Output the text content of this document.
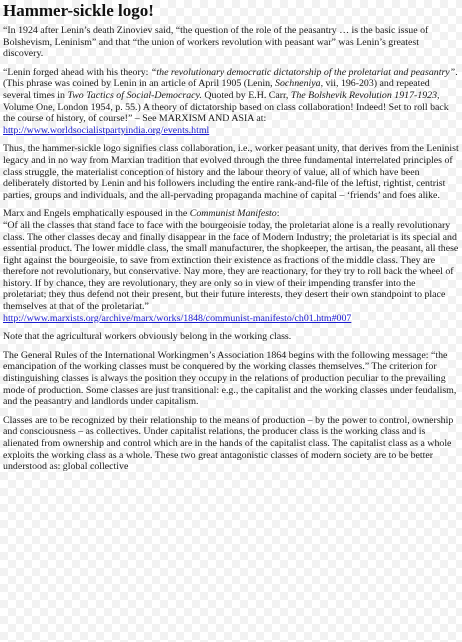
Hammer-sickle logo!

“In 1924 after Lenin’s death Zinoviev said, “the question of the role of the peasantry … is the basic issue of Bolshevism, Leninism” and that “the union of workers revolution with peasant war” was Lenin’s greatest discovery.

“Lenin forged ahead with his theory: “the revolutionary democratic dictatorship of the proletariat and peasantry”. (This phrase was coined by Lenin in an article of April 1905 (Lenin, Sochneniya, vii, 196-203) and repeated several times in Two Tactics of Social-Democracy. Quoted by E.H. Carr, The Bolshevik Revolution 1917-1923, Volume One, London 1954, p. 55.) A theory of dictatorship based on class collaboration! Indeed! Set to roll back the course of history, of course!” – See MARXISM AND ASIA at:
http://www.worldsocialistpartyindia.org/events.html

Thus, the hammer-sickle logo signifies class collaboration, i.e., worker peasant unity, that derives from the Leninist legacy and in no way from Marxian tradition that evolved through the three fundamental interrelated principles of class struggle, the materialist conception of history and the labour theory of value, all of which have been deliberately distorted by Lenin and his followers including the entire rank-and-file of the leftist, rightist, centrist parties, groups and individuals, and the all-pervading propaganda machine of capital – ‘friends’ and foes alike.

Marx and Engels emphatically espoused in the Communist Manifesto:
“Of all the classes that stand face to face with the bourgeoisie today, the proletariat alone is a really revolutionary class. The other classes decay and finally disappear in the face of Modern Industry; the proletariat is its special and essential product. The lower middle class, the small manufacturer, the shopkeeper, the artisan, the peasant, all these fight against the bourgeoisie, to save from extinction their existence as fractions of the middle class. They are therefore not revolutionary, but conservative. Nay more, they are reactionary, for they try to roll back the wheel of history. If by chance, they are revolutionary, they are only so in view of their impending transfer into the proletariat; they thus defend not their present, but their future interests, they desert their own standpoint to place themselves at that of the proletariat.”
http://www.marxists.org/archive/marx/works/1848/communist-manifesto/ch01.htm#007

Note that the agricultural workers obviously belong in the working class.

The General Rules of the International Workingmen’s Association 1864 begins with the following message: “the emancipation of the working classes must be conquered by the working classes themselves.” The criterion for distinguishing classes is always the position they occupy in the relations of production peculiar to the prevailing mode of production. Some classes are just transitional: e.g., the capitalist and the working classes under feudalism, and the peasantry and landlords under capitalism.

Classes are to be recognized by their relationship to the means of production – by the power to control, ownership and consciousness – as collectives. Under capitalist relations, the producer class is the working class and is alienated from ownership and control which are in the hands of the capitalist class. The capitalist class as a whole exploits the working class as a whole. These two great antagonistic classes of modern society are to be better understood as: global collective
